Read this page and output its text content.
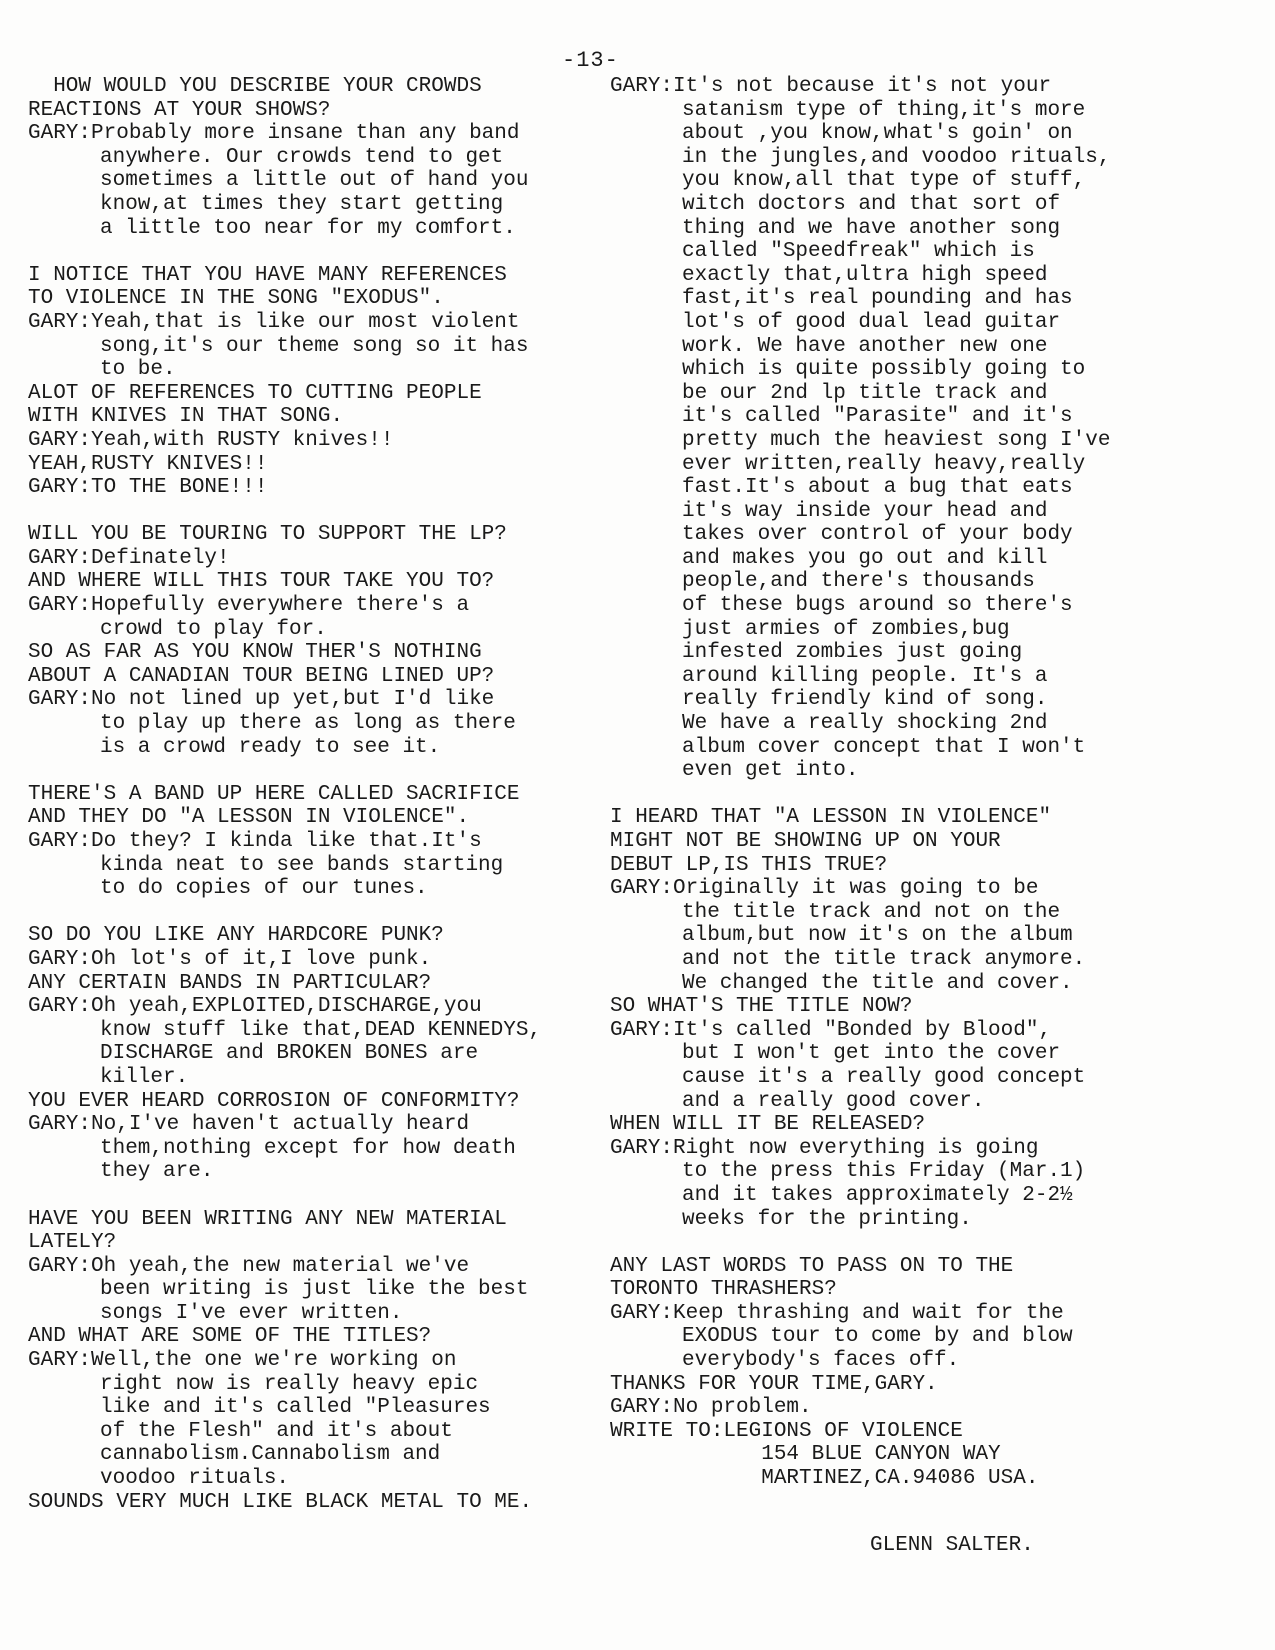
-13-
HOW WOULD YOU DESCRIBE YOUR CROWDS
REACTIONS AT YOUR SHOWS?
GARY:Probably more insane than any band
anywhere. Our crowds tend to get
sometimes a little out of hand you
know,at times they start getting
a little too near for my comfort.
I NOTICE THAT YOU HAVE MANY REFERENCES
TO VIOLENCE IN THE SONG "EXODUS".
GARY:Yeah,that is like our most violent
song,it's our theme song so it has
to be.
ALOT OF REFERENCES TO CUTTING PEOPLE
WITH KNIVES IN THAT SONG.
GARY:Yeah,with RUSTY knives!!
YEAH,RUSTY KNIVES!!
GARY:TO THE BONE!!!
WILL YOU BE TOURING TO SUPPORT THE LP?
GARY:Definately!
AND WHERE WILL THIS TOUR TAKE YOU TO?
GARY:Hopefully everywhere there's a
crowd to play for.
SO AS FAR AS YOU KNOW THER'S NOTHING
ABOUT A CANADIAN TOUR BEING LINED UP?
GARY:No not lined up yet,but I'd like
to play up there as long as there
is a crowd ready to see it.
THERE'S A BAND UP HERE CALLED SACRIFICE
AND THEY DO "A LESSON IN VIOLENCE".
GARY:Do they? I kinda like that.It's
kinda neat to see bands starting
to do copies of our tunes.
SO DO YOU LIKE ANY HARDCORE PUNK?
GARY:Oh lot's of it,I love punk.
ANY CERTAIN BANDS IN PARTICULAR?
GARY:Oh yeah,EXPLOITED,DISCHARGE,you
know stuff like that,DEAD KENNEDYS,
DISCHARGE and BROKEN BONES are
killer.
YOU EVER HEARD CORROSION OF CONFORMITY?
GARY:No,I've haven't actually heard
them,nothing except for how death
they are.
HAVE YOU BEEN WRITING ANY NEW MATERIAL
LATELY?
GARY:Oh yeah,the new material we've
been writing is just like the best
songs I've ever written.
AND WHAT ARE SOME OF THE TITLES?
GARY:Well,the one we're working on
right now is really heavy epic
like and it's called "Pleasures
of the Flesh" and it's about
cannabolism.Cannabolism and
voodoo rituals.
SOUNDS VERY MUCH LIKE BLACK METAL TO ME.
GARY:It's not because it's not your
satanism type of thing,it's more
about ,you know,what's goin' on
in the jungles,and voodoo rituals,
you know,all that type of stuff,
witch doctors and that sort of
thing and we have another song
called "Speedfreak" which is
exactly that,ultra high speed
fast,it's real pounding and has
lot's of good dual lead guitar
work. We have another new one
which is quite possibly going to
be our 2nd lp title track and
it's called "Parasite" and it's
pretty much the heaviest song I've
ever written,really heavy,really
fast.It's about a bug that eats
it's way inside your head and
takes over control of your body
and makes you go out and kill
people,and there's thousands
of these bugs around so there's
just armies of zombies,bug
infested zombies just going
around killing people. It's a
really friendly kind of song.
We have a really shocking 2nd
album cover concept that I won't
even get into.
I HEARD THAT "A LESSON IN VIOLENCE"
MIGHT NOT BE SHOWING UP ON YOUR
DEBUT LP,IS THIS TRUE?
GARY:Originally it was going to be
the title track and not on the
album,but now it's on the album
and not the title track anymore.
We changed the title and cover.
SO WHAT'S THE TITLE NOW?
GARY:It's called "Bonded by Blood",
but I won't get into the cover
cause it's a really good concept
and a really good cover.
WHEN WILL IT BE RELEASED?
GARY:Right now everything is going
to the press this Friday (Mar.1)
and it takes approximately 2-2½
weeks for the printing.
ANY LAST WORDS TO PASS ON TO THE
TORONTO THRASHERS?
GARY:Keep thrashing and wait for the
EXODUS tour to come by and blow
everybody's faces off.
THANKS FOR YOUR TIME,GARY.
GARY:No problem.
WRITE TO:LEGIONS OF VIOLENCE
154 BLUE CANYON WAY
MARTINEZ,CA.94086 USA.
GLENN SALTER.
